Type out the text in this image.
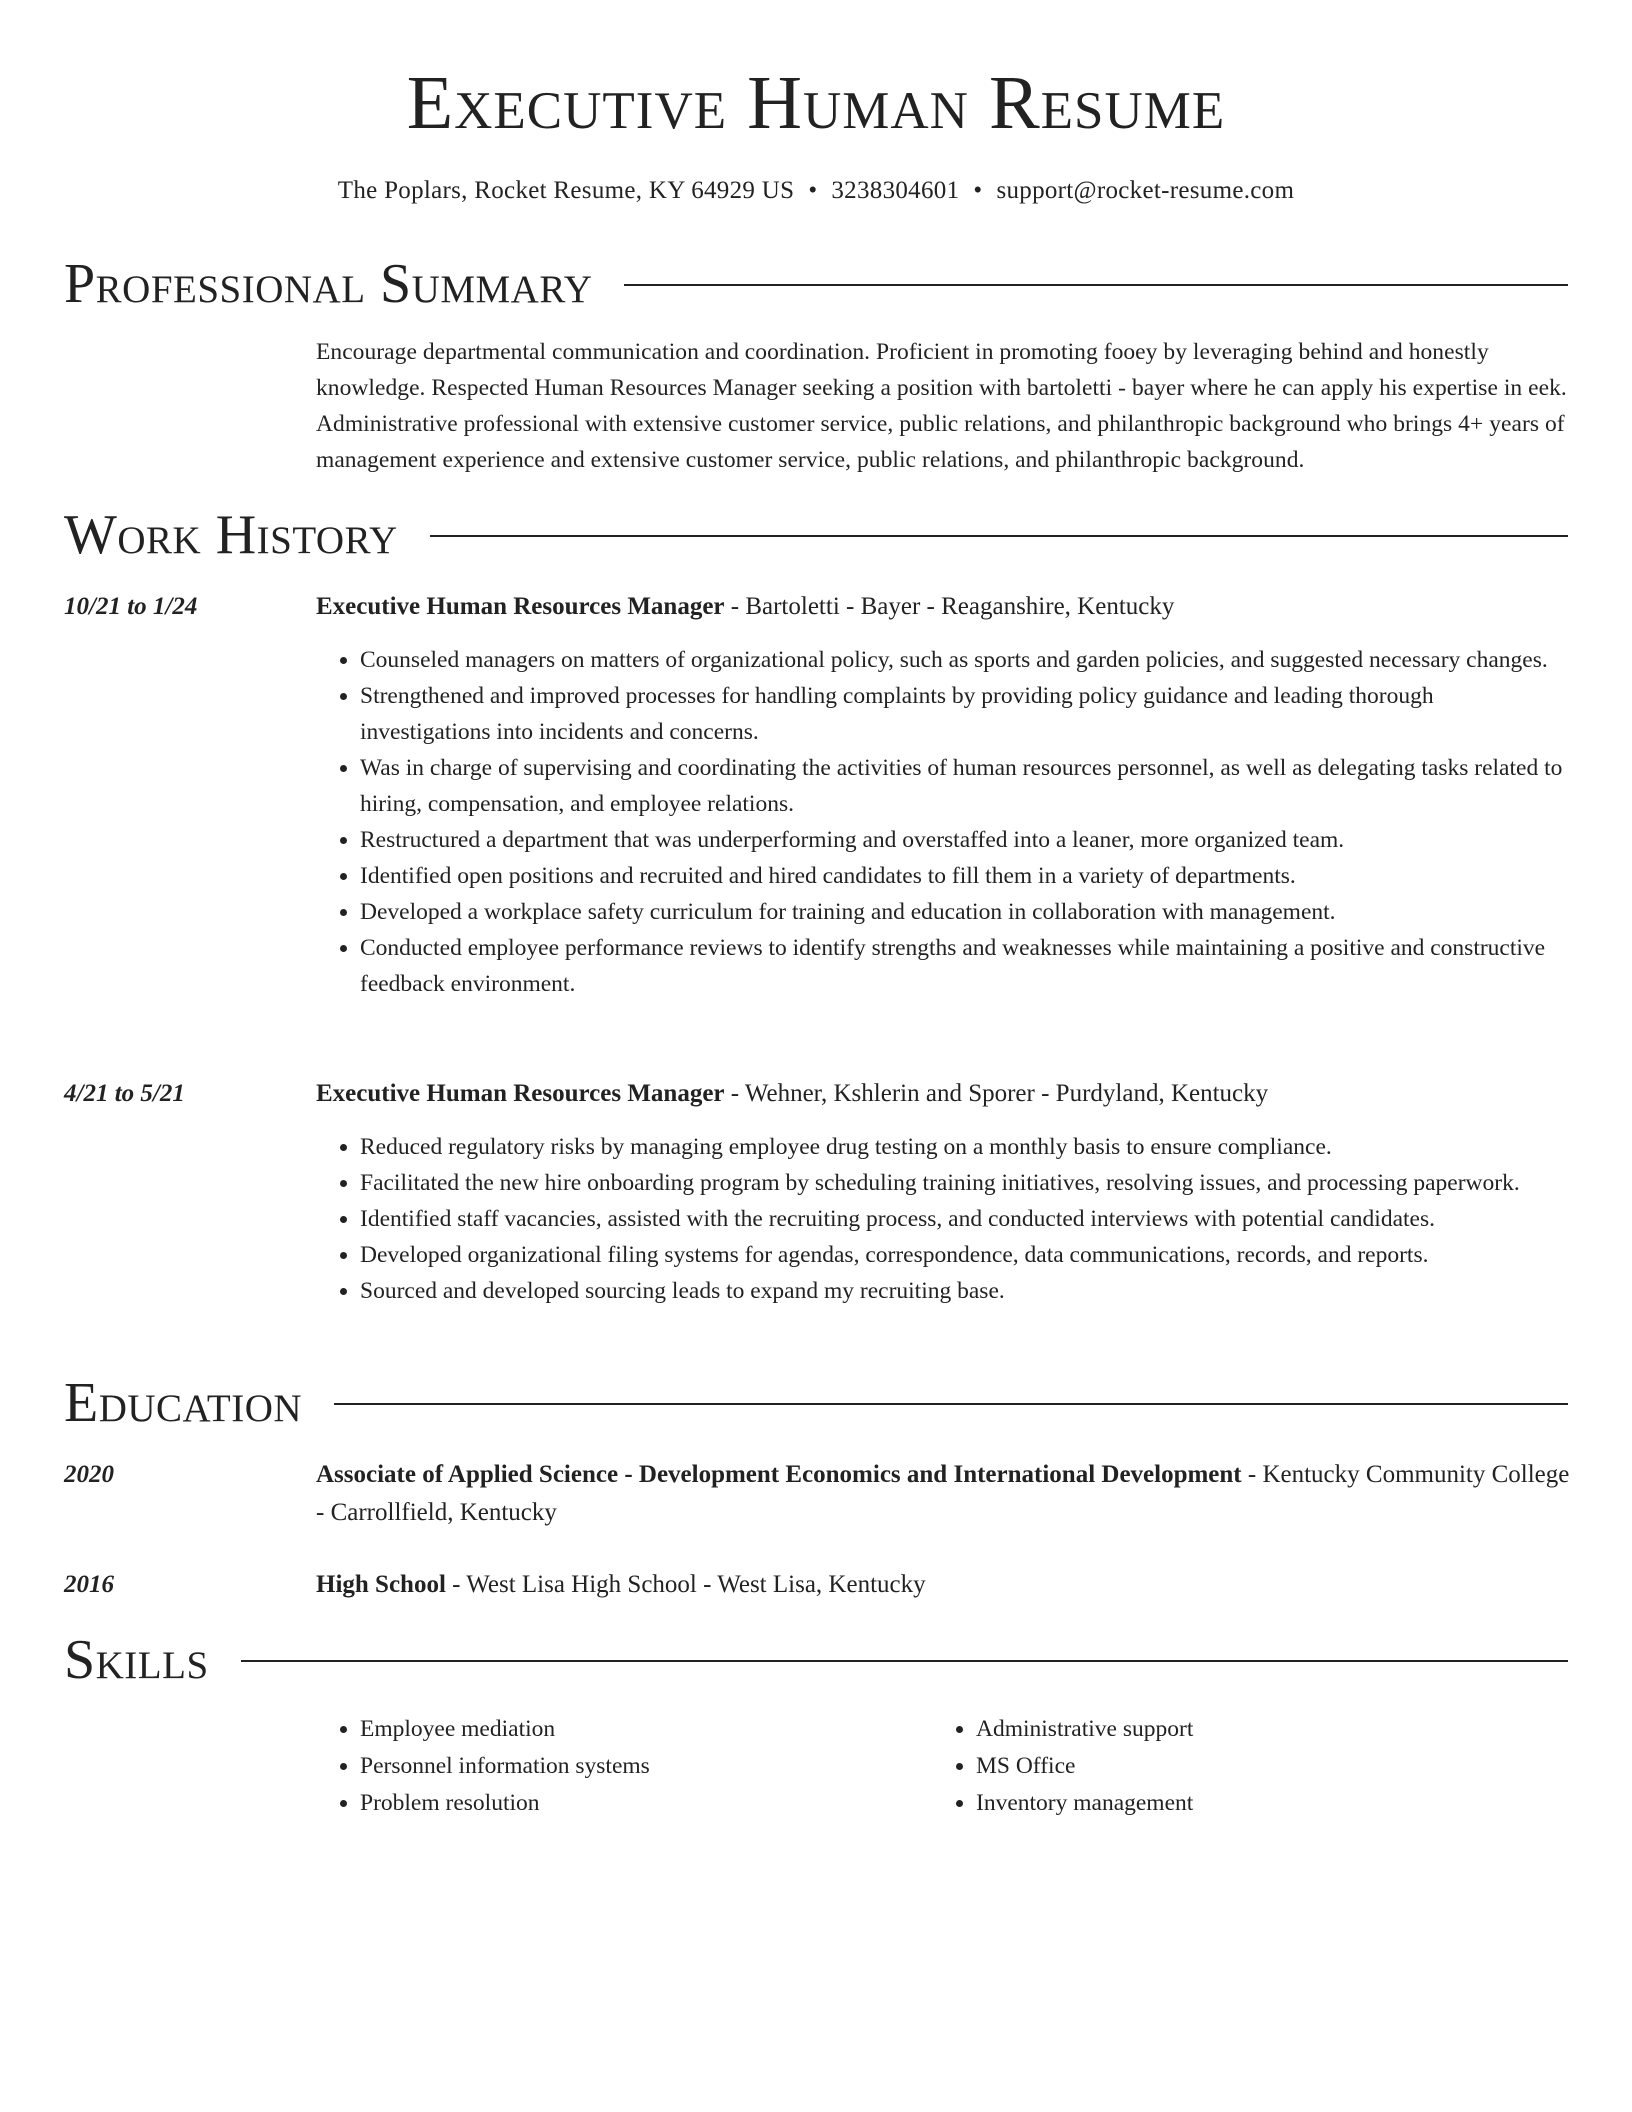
Executive Human Resume
The Poplars, Rocket Resume, KY 64929 US • 3238304601 • support@rocket-resume.com
Professional Summary
Encourage departmental communication and coordination. Proficient in promoting fooey by leveraging behind and honestly knowledge. Respected Human Resources Manager seeking a position with bartoletti - bayer where he can apply his expertise in eek. Administrative professional with extensive customer service, public relations, and philanthropic background who brings 4+ years of management experience and extensive customer service, public relations, and philanthropic background.
Work History
10/21 to 1/24	Executive Human Resources Manager - Bartoletti - Bayer - Reaganshire, Kentucky
• Counseled managers on matters of organizational policy, such as sports and garden policies, and suggested necessary changes.
• Strengthened and improved processes for handling complaints by providing policy guidance and leading thorough investigations into incidents and concerns.
• Was in charge of supervising and coordinating the activities of human resources personnel, as well as delegating tasks related to hiring, compensation, and employee relations.
• Restructured a department that was underperforming and overstaffed into a leaner, more organized team.
• Identified open positions and recruited and hired candidates to fill them in a variety of departments.
• Developed a workplace safety curriculum for training and education in collaboration with management.
• Conducted employee performance reviews to identify strengths and weaknesses while maintaining a positive and constructive feedback environment.
4/21 to 5/21	Executive Human Resources Manager - Wehner, Kshlerin and Sporer - Purdyland, Kentucky
• Reduced regulatory risks by managing employee drug testing on a monthly basis to ensure compliance.
• Facilitated the new hire onboarding program by scheduling training initiatives, resolving issues, and processing paperwork.
• Identified staff vacancies, assisted with the recruiting process, and conducted interviews with potential candidates.
• Developed organizational filing systems for agendas, correspondence, data communications, records, and reports.
• Sourced and developed sourcing leads to expand my recruiting base.
Education
2020	Associate of Applied Science - Development Economics and International Development - Kentucky Community College - Carrollfield, Kentucky
2016	High School - West Lisa High School - West Lisa, Kentucky
Skills
• Employee mediation
• Personnel information systems
• Problem resolution
• Administrative support
• MS Office
• Inventory management
